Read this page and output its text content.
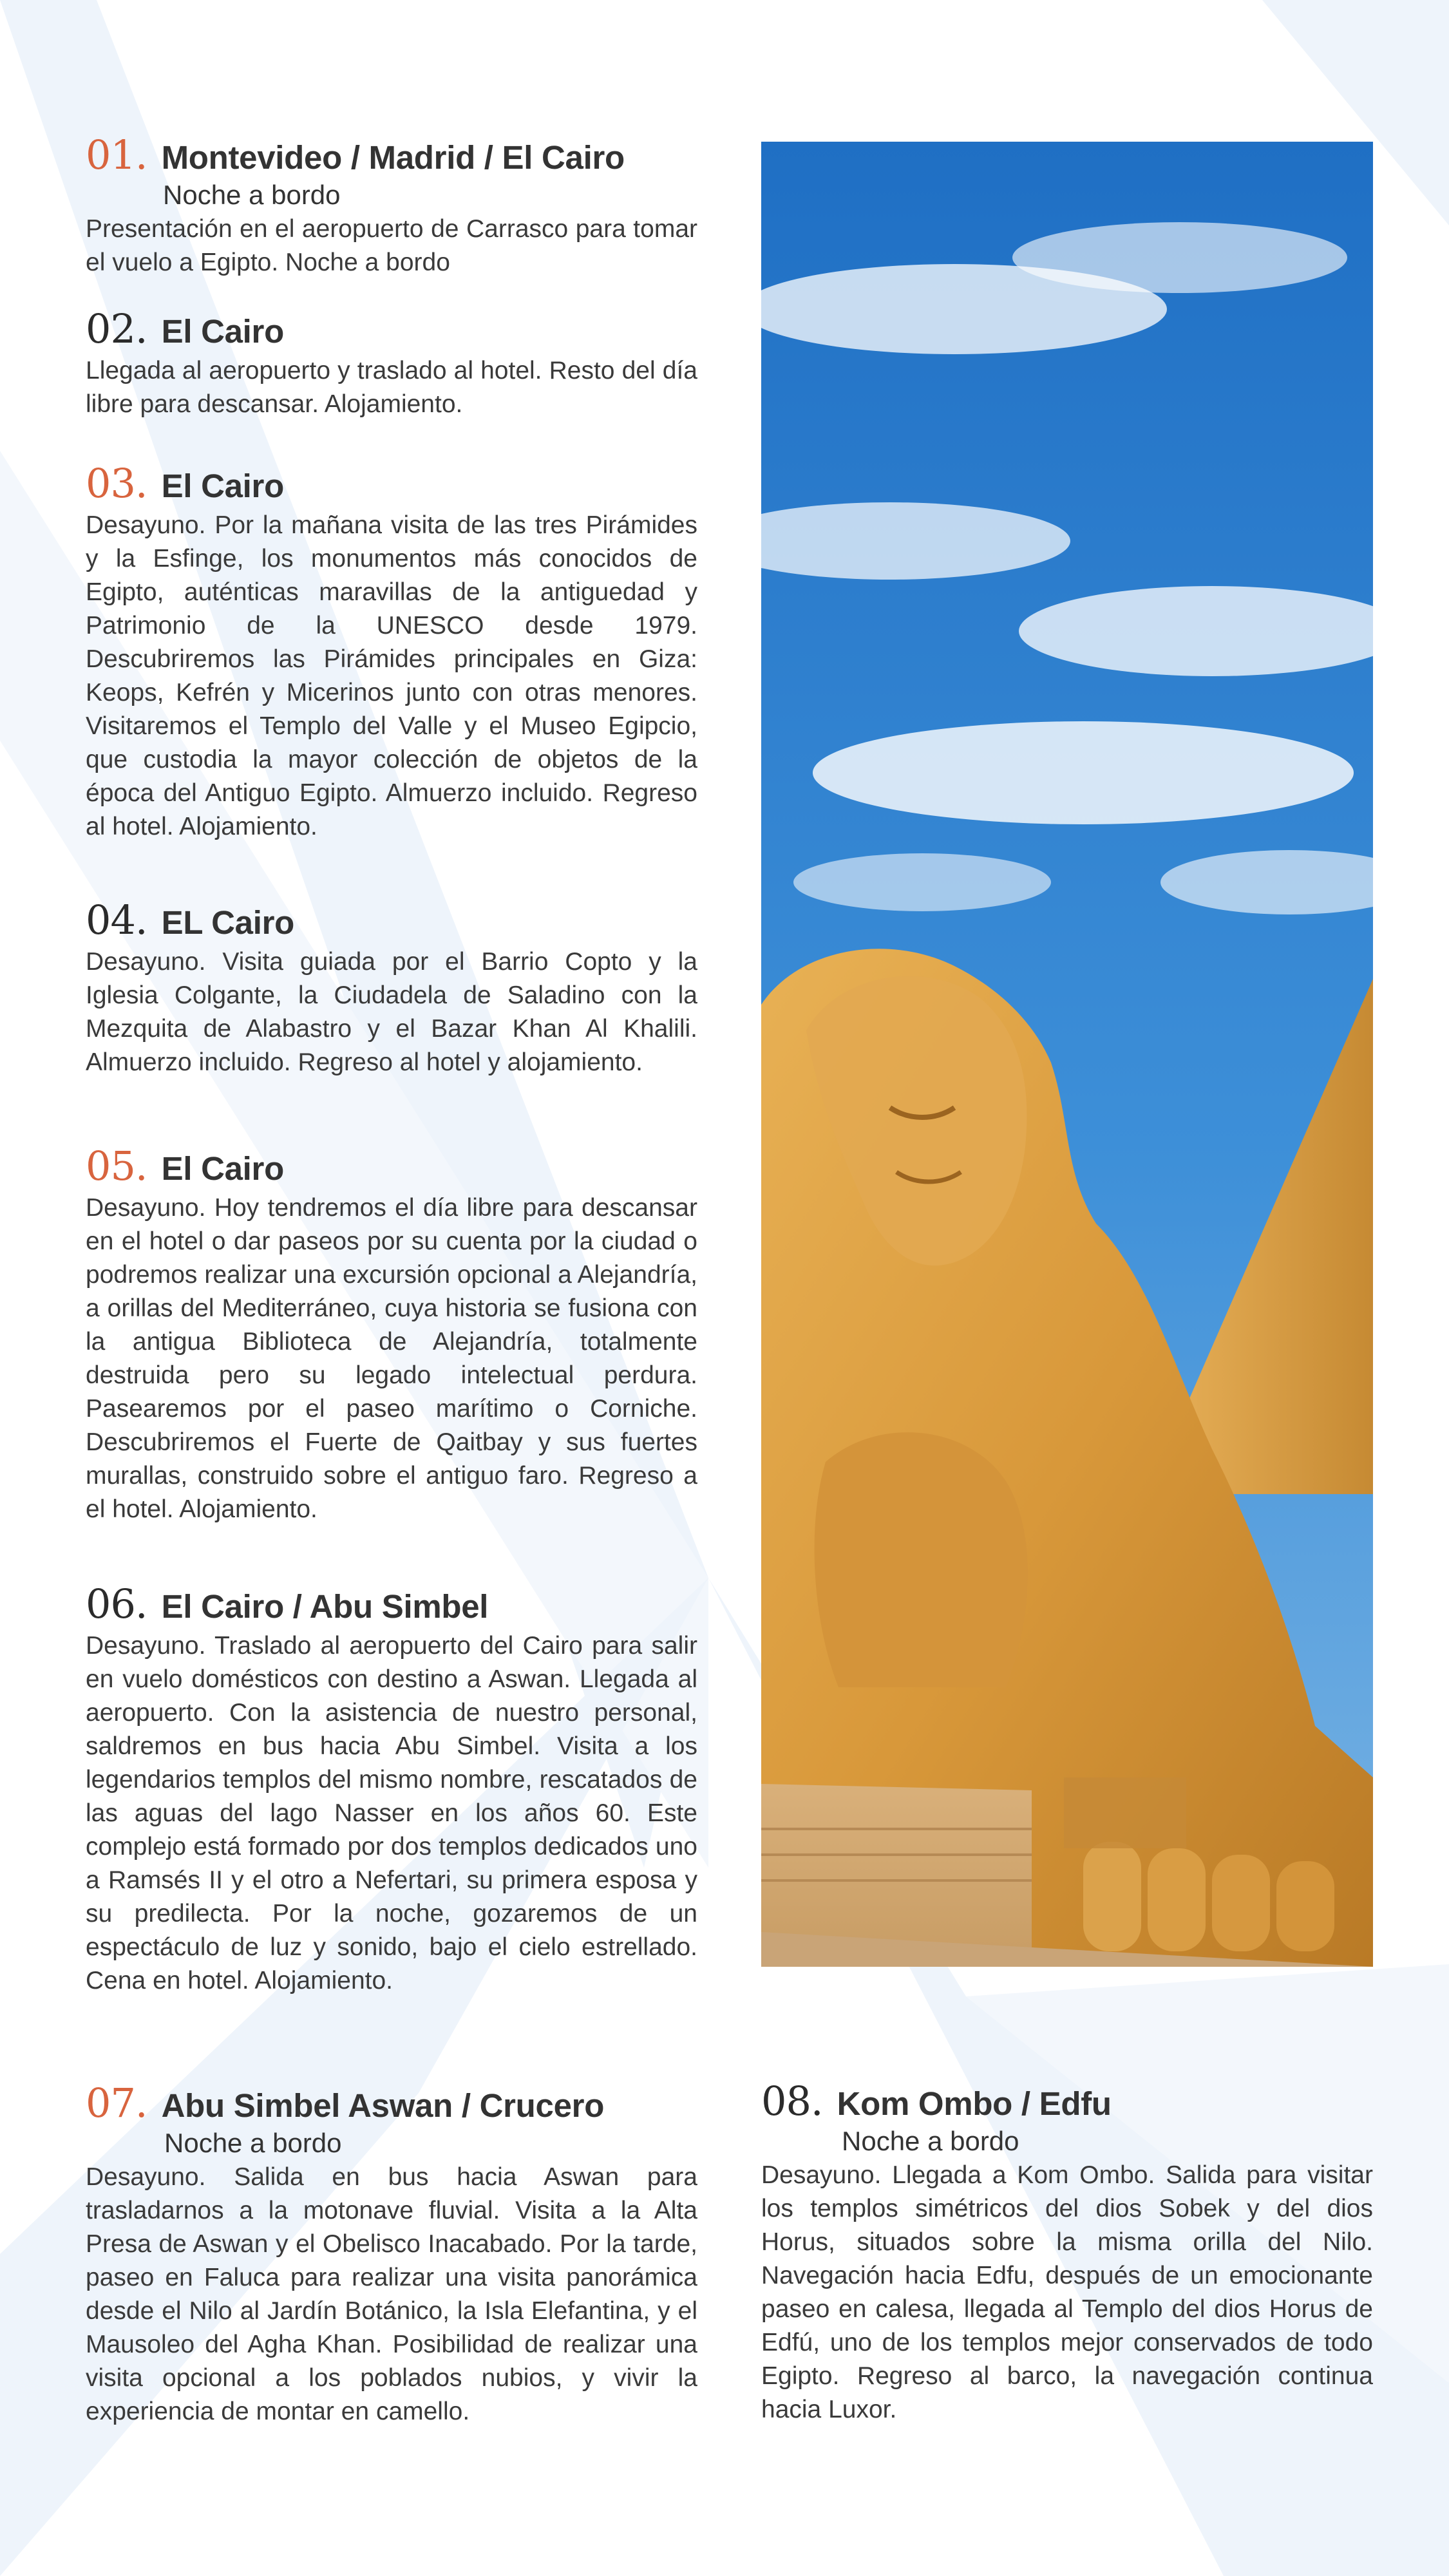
01. Montevideo / Madrid / El Cairo
Noche a bordo
Presentación en el aeropuerto de Carrasco para tomar el vuelo a Egipto. Noche a bordo
02. El Cairo
Llegada al aeropuerto y traslado al hotel. Resto del día libre para descansar. Alojamiento.
03. El Cairo
Desayuno. Por la mañana visita de las tres Pirámides y la Esfinge, los monumentos más conocidos de Egipto, auténticas maravillas de la antiguedad y Patrimonio de la UNESCO desde 1979. Descubriremos las Pirámides principales en Giza: Keops, Kefrén y Micerinos junto con otras menores. Visitaremos el Templo del Valle y el Museo Egipcio, que custodia la mayor colección de objetos de la época del Antiguo Egipto. Almuerzo incluido. Regreso al hotel. Alojamiento.
04. EL Cairo
Desayuno. Visita guiada por el Barrio Copto y la Iglesia Colgante, la Ciudadela de Saladino con la Mezquita de Alabastro y el Bazar Khan Al Khalili. Almuerzo incluido. Regreso al hotel y alojamiento.
05. El Cairo
Desayuno. Hoy tendremos el día libre para descansar en el hotel o dar paseos por su cuenta por la ciudad o podremos realizar una excursión opcional a Alejandría, a orillas del Mediterráneo, cuya historia se fusiona con la antigua Biblioteca de Alejandría, totalmente destruida pero su legado intelectual perdura. Pasearemos por el paseo marítimo o Corniche. Descubriremos el Fuerte de Qaitbay y sus fuertes murallas, construido sobre el antiguo faro. Regreso a el hotel. Alojamiento.
06. El Cairo / Abu Simbel
Desayuno. Traslado al aeropuerto del Cairo para salir en vuelo domésticos con destino a Aswan. Llegada al aeropuerto. Con la asistencia de nuestro personal, saldremos en bus hacia Abu Simbel. Visita a los legendarios templos del mismo nombre, rescatados de las aguas del lago Nasser en los años 60. Este complejo está formado por dos templos dedicados uno a Ramsés II y el otro a Nefertari, su primera esposa y su predilecta. Por la noche, gozaremos de un espectáculo de luz y sonido, bajo el cielo estrellado. Cena en hotel. Alojamiento.
07. Abu Simbel Aswan / Crucero
Noche a bordo
Desayuno. Salida en bus hacia Aswan para trasladarnos a la motonave fluvial. Visita a la Alta Presa de Aswan y el Obelisco Inacabado. Por la tarde, paseo en Faluca para realizar una visita panorámica desde el Nilo al Jardín Botánico, la Isla Elefantina, y el Mausoleo del Agha Khan. Posibilidad de realizar una visita opcional a los poblados nubios, y vivir la experiencia de montar en camello.
08. Kom Ombo / Edfu
Noche a bordo
Desayuno. Llegada a Kom Ombo. Salida para visitar los templos simétricos del dios Sobek y del dios Horus, situados sobre la misma orilla del Nilo. Navegación hacia Edfu, después de un emocionante paseo en calesa, llegada al Templo del dios Horus de Edfú, uno de los templos mejor conservados de todo Egipto. Regreso al barco, la navegación continua hacia Luxor.
